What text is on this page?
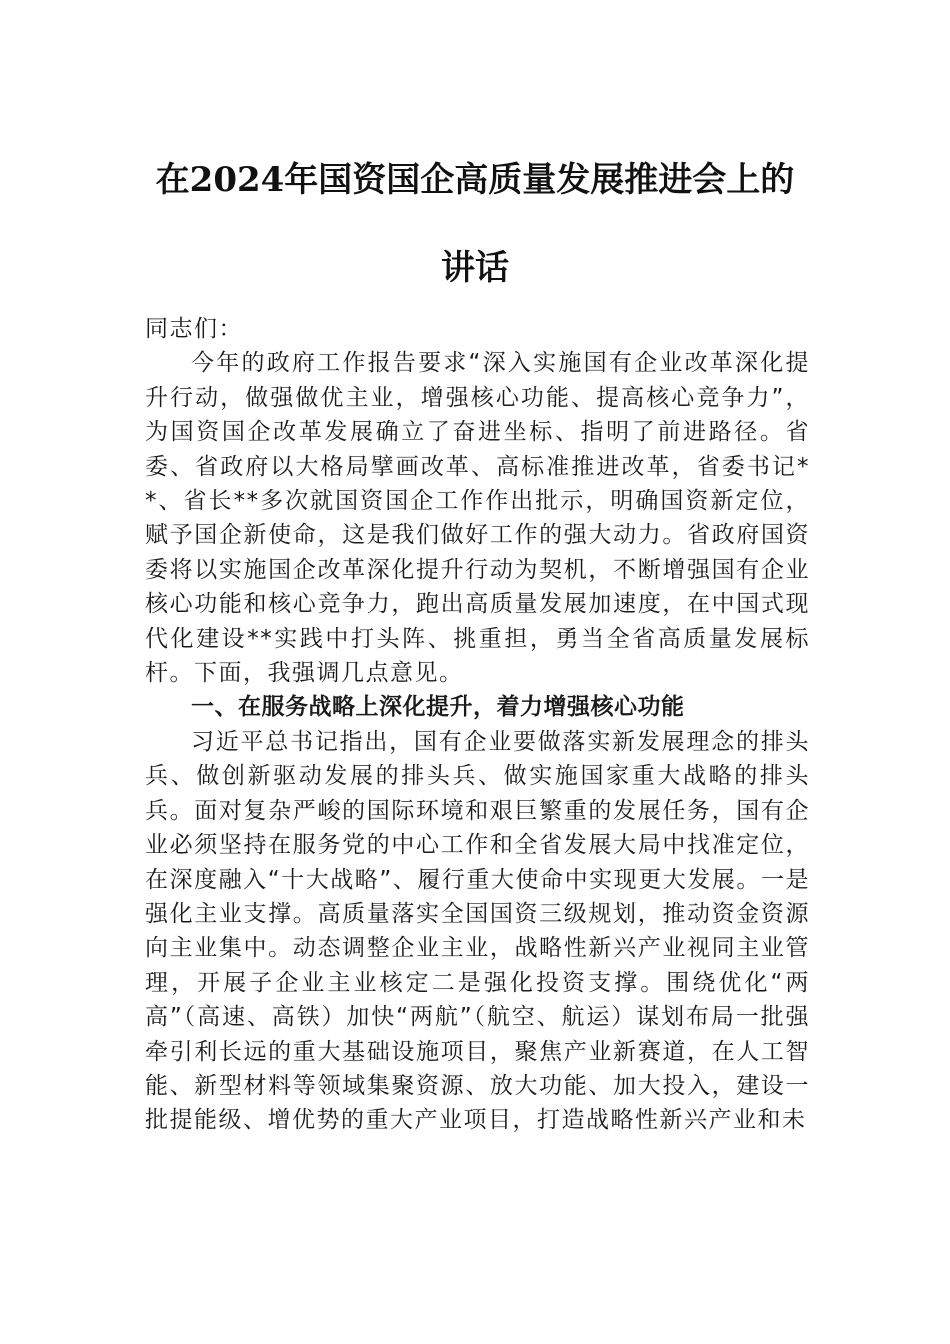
在2024年国资国企高质量发展推进会上的
讲话

同志们：

今年的政府工作报告要求“深入实施国有企业改革深化提升行动，做强做优主业，增强核心功能、提高核心竞争力”，为国资国企改革发展确立了奋进坐标、指明了前进路径。省委、省政府以大格局擘画改革、高标准推进改革，省委书记**、省长**多次就国资国企工作作出批示，明确国资新定位，赋予国企新使命，这是我们做好工作的强大动力。省政府国资委将以实施国企改革深化提升行动为契机，不断增强国有企业核心功能和核心竞争力，跑出高质量发展加速度，在中国式现代化建设**实践中打头阵、挑重担，勇当全省高质量发展标杆。下面，我强调几点意见。

一、在服务战略上深化提升，着力增强核心功能

习近平总书记指出，国有企业要做落实新发展理念的排头兵、做创新驱动发展的排头兵、做实施国家重大战略的排头兵。面对复杂严峻的国际环境和艰巨繁重的发展任务，国有企业必须坚持在服务党的中心工作和全省发展大局中找准定位，在深度融入“十大战略”、履行重大使命中实现更大发展。一是强化主业支撑。高质量落实全国国资三级规划，推动资金资源向主业集中。动态调整企业主业，战略性新兴产业视同主业管理，开展子企业主业核定二是强化投资支撑。围绕优化“两高”（高速、高铁）加快“两航”（航空、航运）谋划布局一批强牵引利长远的重大基础设施项目，聚焦产业新赛道，在人工智能、新型材料等领域集聚资源、放大功能、加大投入，建设一批提能级、增优势的重大产业项目，打造战略性新兴产业和未
